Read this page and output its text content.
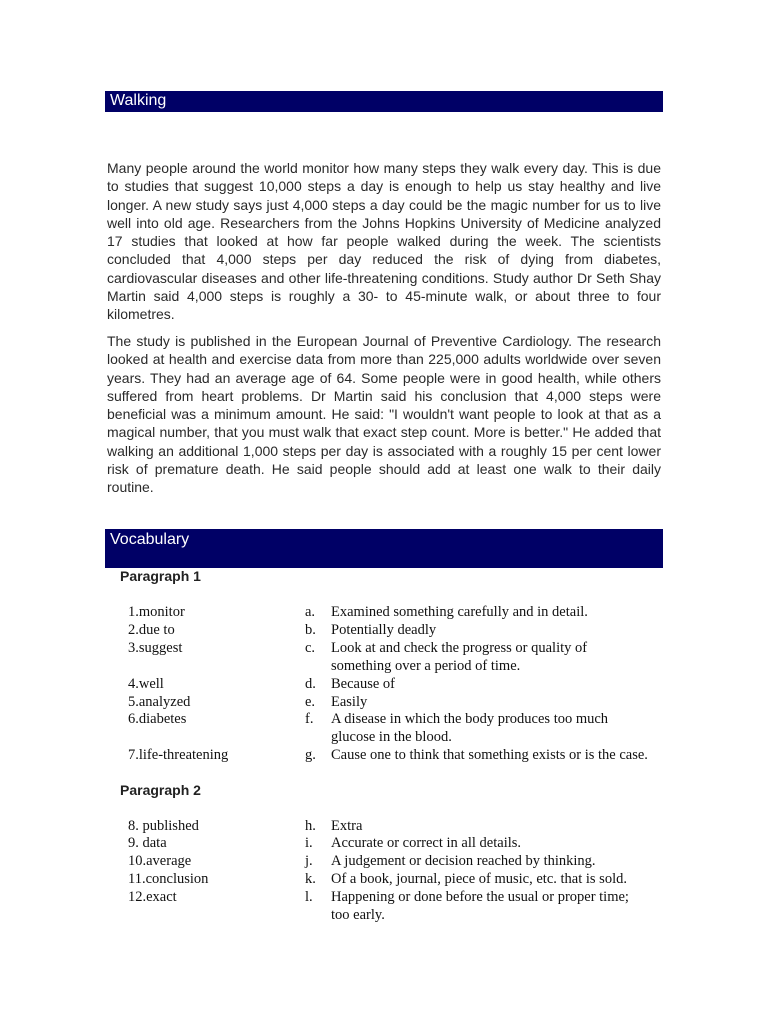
Walking

Many people around the world monitor how many steps they walk every day. This is due to studies that suggest 10,000 steps a day is enough to help us stay healthy and live longer. A new study says just 4,000 steps a day could be the magic number for us to live well into old age. Researchers from the Johns Hopkins University of Medicine analyzed 17 studies that looked at how far people walked during the week. The scientists concluded that 4,000 steps per day reduced the risk of dying from diabetes, cardiovascular diseases and other life-threatening conditions. Study author Dr Seth Shay Martin said 4,000 steps is roughly a 30- to 45-minute walk, or about three to four kilometres.

The study is published in the European Journal of Preventive Cardiology. The research looked at health and exercise data from more than 225,000 adults worldwide over seven years. They had an average age of 64. Some people were in good health, while others suffered from heart problems. Dr Martin said his conclusion that 4,000 steps were beneficial was a minimum amount. He said: "I wouldn't want people to look at that as a magical number, that you must walk that exact step count. More is better." He added that walking an additional 1,000 steps per day is associated with a roughly 15 per cent lower risk of premature death. He said people should add at least one walk to their daily routine.

Vocabulary
Paragraph 1
Paragraph 2
1.monitor	a. Examined something carefully and in detail.
2.due to	b. Potentially deadly
3.suggest	c. Look at and check the progress or quality of something over a period of time.
4.well	d. Because of
5.analyzed	e. Easily
6.diabetes	f. A disease in which the body produces too much glucose in the blood.
7.life-threatening	g. Cause one to think that something exists or is the case.
8. published	h. Extra
9. data	i. Accurate or correct in all details.
10.average	j. A judgement or decision reached by thinking.
11.conclusion	k. Of a book, journal, piece of music, etc. that is sold.
12.exact	l. Happening or done before the usual or proper time; too early.
